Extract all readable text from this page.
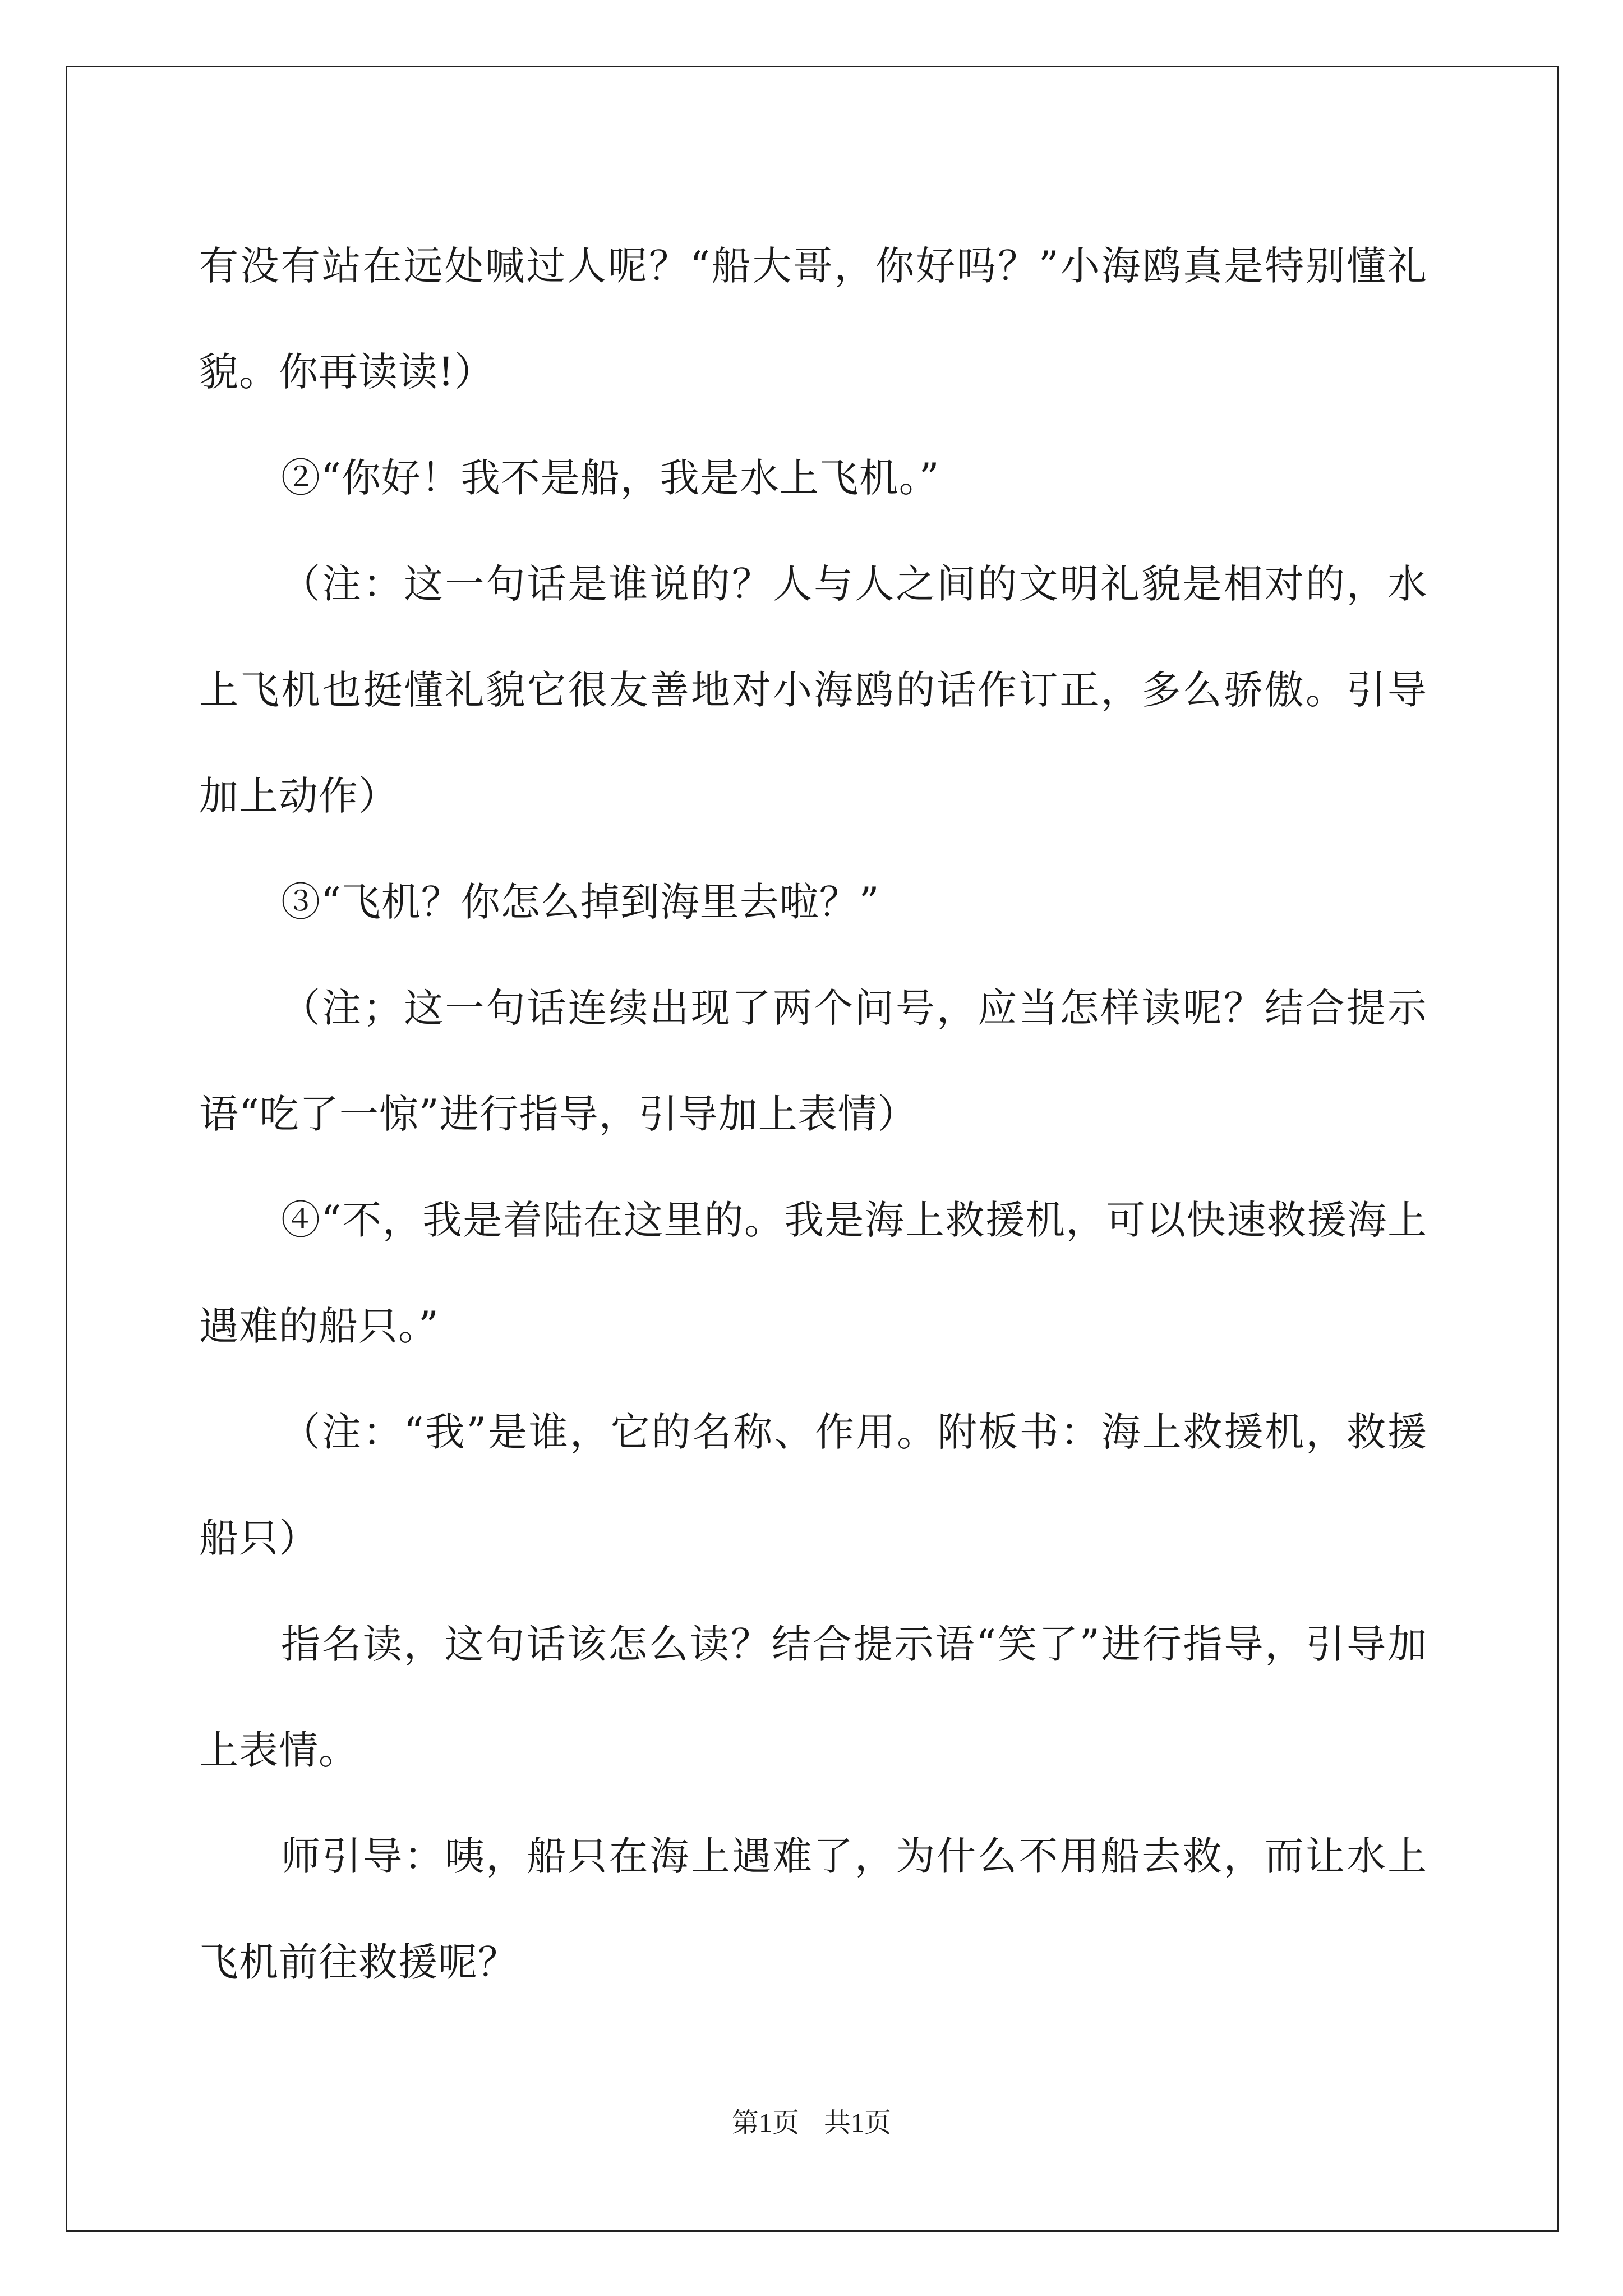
有没有站在远处喊过人呢？“船大哥，你好吗？”小海鸥真是特别懂礼貌。你再读读!）

②“你好！我不是船，我是水上飞机。”

（注：这一句话是谁说的？人与人之间的文明礼貌是相对的，水上飞机也挺懂礼貌它很友善地对小海鸥的话作订正，多么骄傲。引导加上动作）

③“飞机？你怎么掉到海里去啦？”

（注；这一句话连续出现了两个问号，应当怎样读呢？结合提示语“吃了一惊”进行指导，引导加上表情）

④“不，我是着陆在这里的。我是海上救援机，可以快速救援海上遇难的船只。”

（注：“我”是谁，它的名称、作用。附板书：海上救援机，救援船只）

指名读，这句话该怎么读？结合提示语“笑了”进行指导，引导加上表情。

师引导：咦，船只在海上遇难了，为什么不用船去救，而让水上飞机前往救援呢？

第1页 共1页
